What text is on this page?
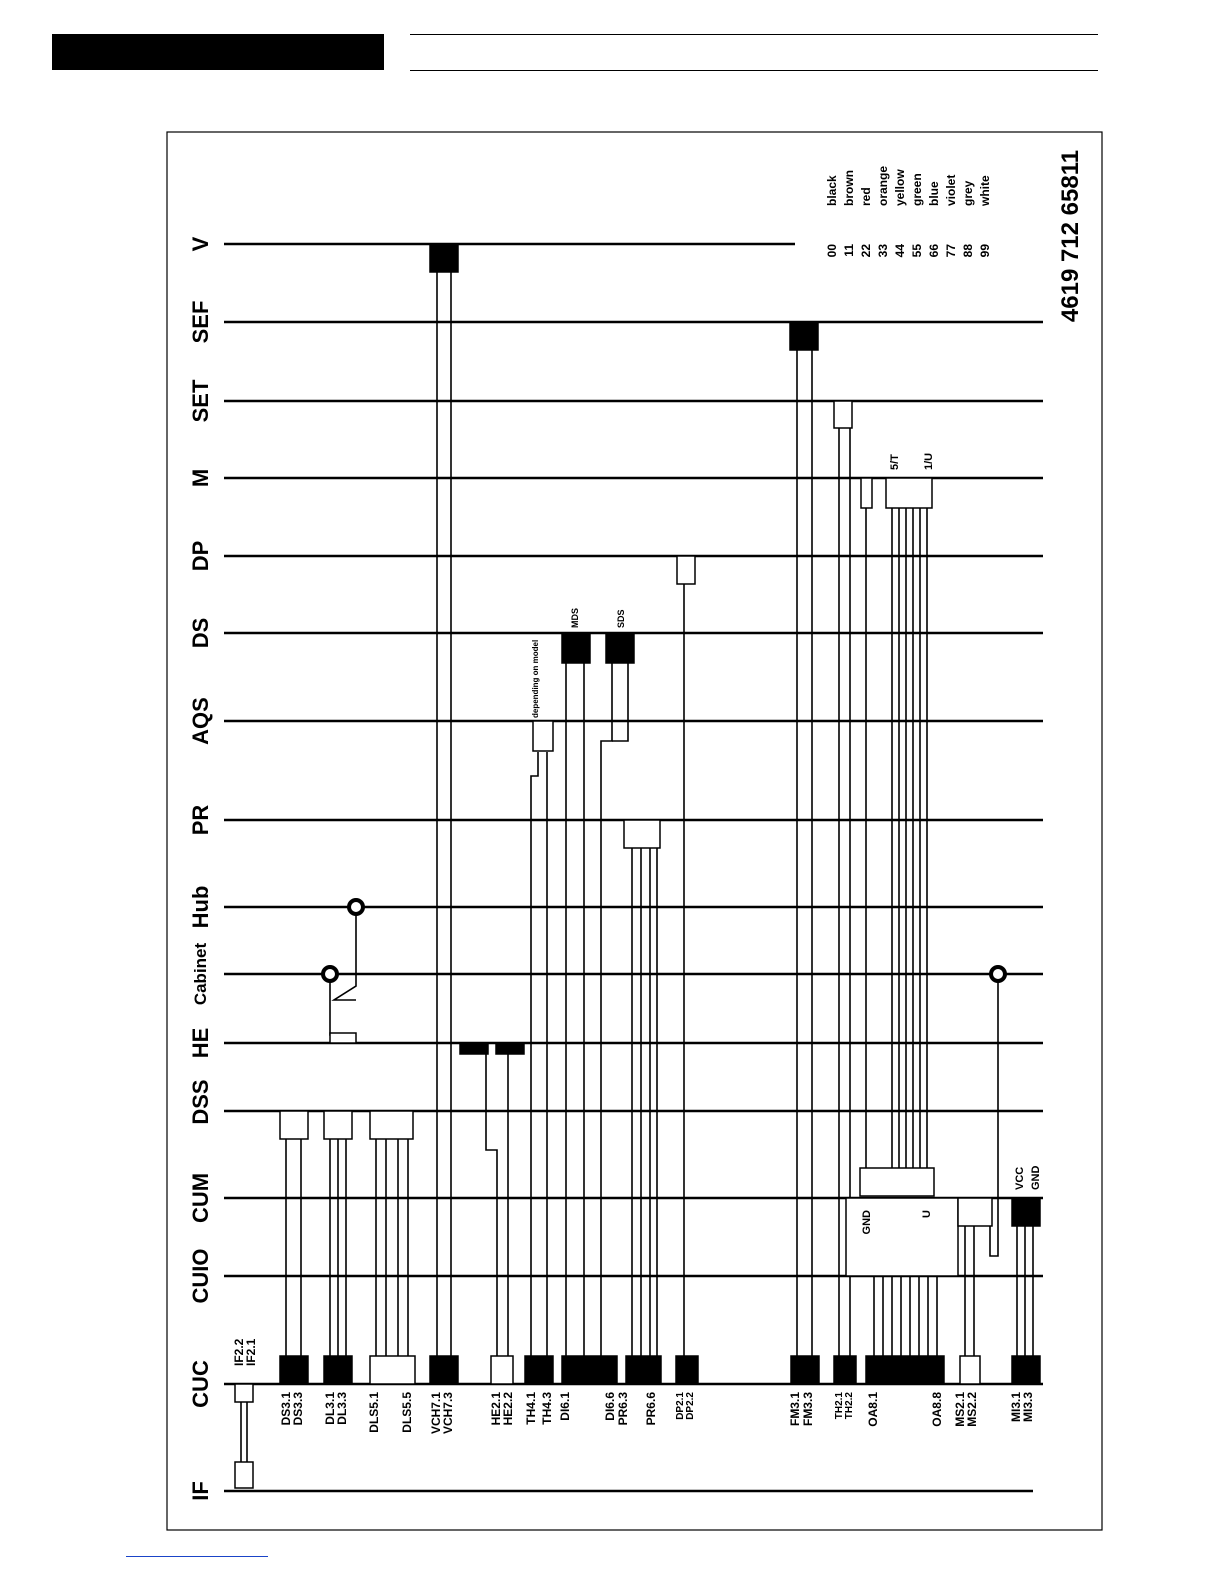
IF
CUC
CUIO
CUM
DSS
HE
Cabinet
Hub
PR
AQS
DS
DP
M
SET
SEF
V
IF2.2
IF2.1
DS3.1
DS3.3 DL3.1
DL3.3 DLS5.1 DLS5.5 VCH7.1
VCH7.3	HE2.1
HE2.2 TH4.1 TH4.3 DI6.1	DI6.6 PR6.3 PR6.6 DP2.1 DP2.2	FM3.1 FM3.3 TH2.1 TH2.2 OA8.1	OA8.8 MS2.1
MS2.2	MI3.1
MI3.3
depending on model
MDS	SDS
GND	U
VCC GND
5/T 1/U
00
black
11
brown
22
red
33
orange
44
yellow
55
green
66
blue
77
violet
88
grey
99
white	4619 712 65811
